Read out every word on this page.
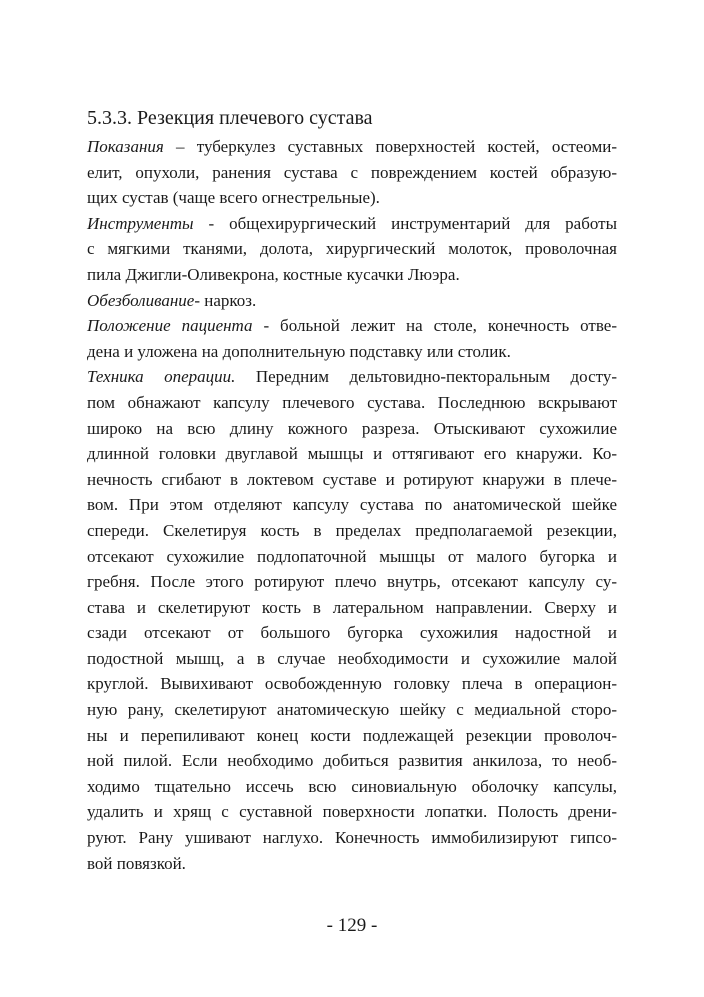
5.3.3. Резекция плечевого сустава
Показания – туберкулез суставных поверхностей костей, остеоми-
елит, опухоли, ранения сустава с повреждением костей образую-
щих сустав (чаще всего огнестрельные).
Инструменты - общехирургический инструментарий для работы
с мягкими тканями, долота, хирургический молоток, проволочная
пила Джигли-Оливекрона, костные кусачки Люэра.
Обезболивание- наркоз.
Положение пациента - больной лежит на столе, конечность отве-
дена и уложена на дополнительную подставку или столик.
Техника операции. Передним дельтовидно-пекторальным досту-
пом обнажают капсулу плечевого сустава. Последнюю вскрывают
широко на всю длину кожного разреза. Отыскивают сухожилие
длинной головки двуглавой мышцы и оттягивают его кнаружи. Ко-
нечность сгибают в локтевом суставе и ротируют кнаружи в плече-
вом. При этом отделяют капсулу сустава по анатомической шейке
спереди. Скелетируя кость в пределах предполагаемой резекции,
отсекают сухожилие подлопаточной мышцы от малого бугорка и
гребня. После этого ротируют плечо внутрь, отсекают капсулу су-
става и скелетируют кость в латеральном направлении. Сверху и
сзади отсекают от большого бугорка сухожилия надостной и
подостной мышц, а в случае необходимости и сухожилие малой
круглой. Вывихивают освобожденную головку плеча в операцион-
ную рану, скелетируют анатомическую шейку с медиальной сторо-
ны и перепиливают конец кости подлежащей резекции проволоч-
ной пилой. Если необходимо добиться развития анкилоза, то необ-
ходимо тщательно иссечь всю синовиальную оболочку капсулы,
удалить и хрящ с суставной поверхности лопатки. Полость дрени-
руют. Рану ушивают наглухо. Конечность иммобилизируют гипсо-
вой повязкой.
- 129 -
